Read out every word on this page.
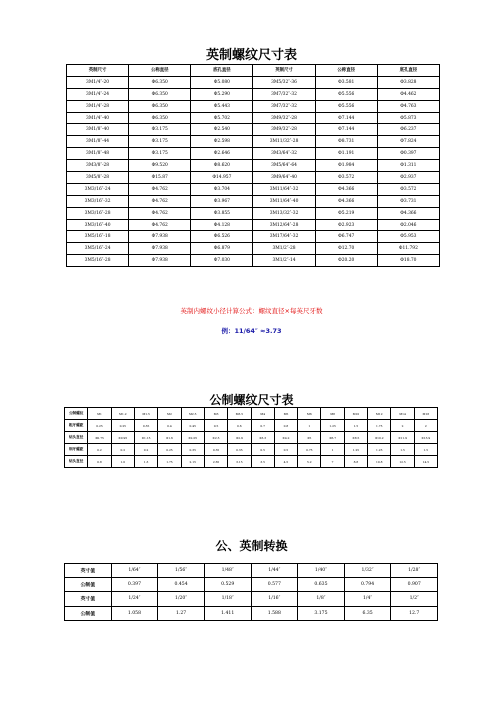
英制螺纹尺寸表
英制尺寸	公称直径	底孔直径	英制尺寸	公称直径	底孔直径
3M1/4″-20	Φ6.350	Φ5.080	3M5/32″-36	Φ3.581	Φ3.828
3M1/4″-24	Φ6.350	Φ5.290	3M7/32″-32	Φ5.556	Φ4.462
3M1/4″-28	Φ6.350	Φ5.443	3M7/32″-32	Φ5.556	Φ4.763
3M1/4″-40	Φ6.350	Φ5.702	3M9/32″-28	Φ7.144	Φ5.873
3M1/8″-40	Φ3.175	Φ2.540	3M9/32″-28	Φ7.144	Φ6.237
3M1/8″-44	Φ3.175	Φ2.598	3M11/32″-28	Φ8.731	Φ7.824
3M1/8″-48	Φ3.175	Φ2.646	3M3/64″-32	Φ1.191	Φ0.397
3M3/8″-28	Φ9.520	Φ8.620	3M5/64″-64	Φ1.984	Φ1.311
3M5/8″-28	Φ15.87	Φ14.957	3M9/64″-40	Φ3.572	Φ2.937
3M3/16″-24	Φ4.762	Φ3.704	3M11/64″-32	Φ4.366	Φ3.572
3M3/16″-32	Φ4.762	Φ3.967	3M11/64″-40	Φ4.366	Φ3.731
3M3/16″-28	Φ4.762	Φ3.855	3M13/32″-32	Φ5.219	Φ4.366
3M3/16″-40	Φ4.762	Φ4.128	3M12/64″-28	Φ2.923	Φ2.046
3M5/16″-18	Φ7.938	Φ6.526	3M17/64″-32	Φ6.747	Φ5.953
3M5/16″-24	Φ7.938	Φ6.879	3M1/2″-28	Φ12.70	Φ11.792
3M5/16″-28	Φ7.938	Φ7.030	3M1/2″-14	Φ20.20	Φ18.70
英制内螺纹小径计算公式：螺纹直径×每英尺牙数
例：11/64″ ≈3.73
公制螺纹尺寸表
公制螺纹	M1	M1.2	M1.5	M2	M2.5	M3	M3.5	M4	M5	M6	M8	M10	M12	M14	M16
粗牙螺距	0.25	0.25	0.35	0.4	0.45	0.5	0.6	0.7	0.8	1	1.25	1.5	1.75	2	2
钻头直径	Φ0.75	Φ0.95	Φ1.15	Φ1.6	Φ2.05	Φ2.5	Φ2.9	Φ3.3	Φ4.2	Φ5	Φ6.7	Φ8.5	Φ10.2	Φ11.9	Φ13.9
细牙螺距	0.2	0.2	0.2	0.25	0.35	0.35	0.35	0.5	0.5	0.75	1	1.25	1.25	1.5	1.5
钻头直径	0.8	1.0	1.3	1.75	2.15	2.65	3.15	3.5	4.5	5.2	7	8.8	10.8	12.5	14.5
公、英制转换
英寸值	1/64″	1/56″	1/48″	1/44″	1/40″	1/32″	1/28″
公制值	0.397	0.454	0.529	0.577	0.635	0.794	0.907
英寸值	1/24″	1/20″	1/18″	1/16″	1/8″	1/4″	1/2″
公制值	1.058	1.27	1.411	1.588	3.175	6.35	12.7
